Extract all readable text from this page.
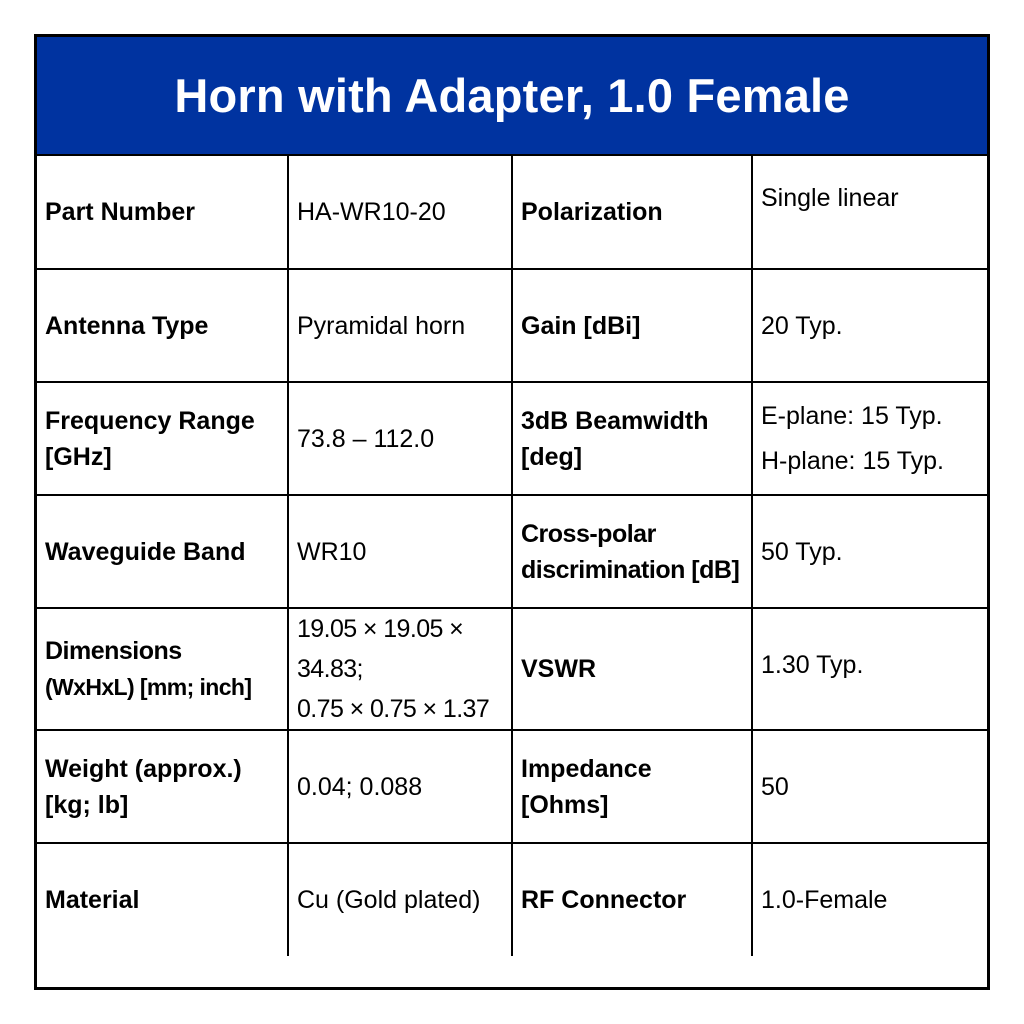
Horn with Adapter, 1.0 Female
Part Number	HA-WR10-20	Polarization	Single linear

Antenna Type	Pyramidal horn	Gain [dBi]	20 Typ.

Frequency Range
[GHz]	73.8 – 112.0	3dB Beamwidth
[deg]	E-plane: 15 Typ.
H-plane: 15 Typ.

Waveguide Band	WR10	Cross-polar
discrimination [dB]	50 Typ.

Dimensions
(WxHxL) [mm; inch]	19.05 × 19.05 × 34.83;
0.75 × 0.75 × 1.37	VSWR	1.30 Typ.

Weight (approx.)
[kg; lb]	0.04; 0.088	Impedance
[Ohms]	50

Material	Cu (Gold plated)	RF Connector	1.0-Female
